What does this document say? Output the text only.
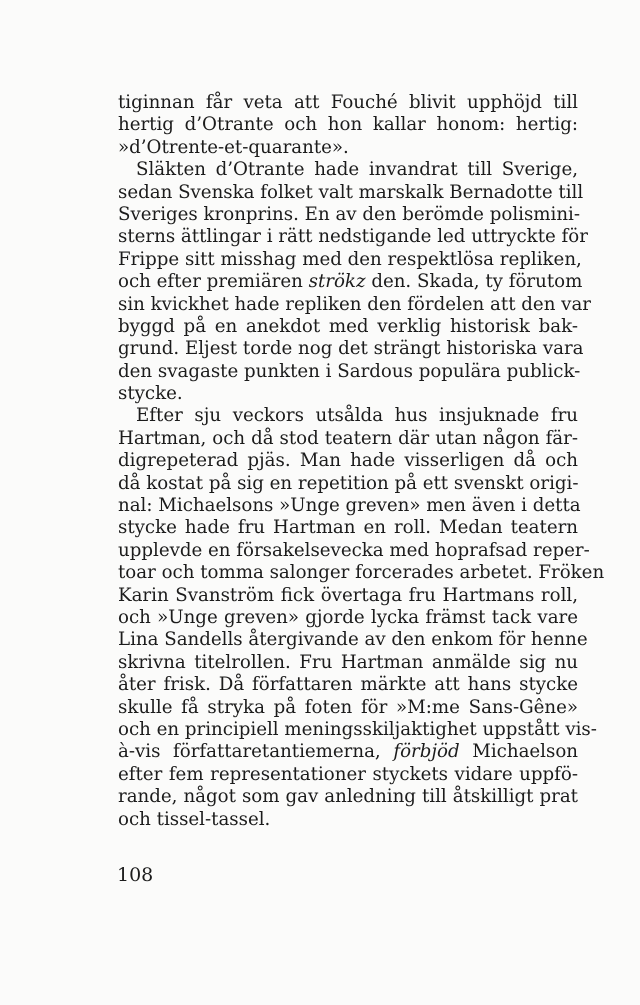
tiginnan får veta att Fouché blivit upphöjd till
hertig d’Otrante och hon kallar honom: hertig:
»d’Otrente-et-quarante».
Släkten d’Otrante hade invandrat till Sverige,
sedan Svenska folket valt marskalk Bernadotte till
Sveriges kronprins. En av den berömde polismini-
sterns ättlingar i rätt nedstigande led uttryckte för
Frippe sitt misshag med den respektlösa repliken,
och efter premiären strökz den. Skada, ty förutom
sin kvickhet hade repliken den fördelen att den var
byggd på en anekdot med verklig historisk bak-
grund. Eljest torde nog det strängt historiska vara
den svagaste punkten i Sardous populära publick-
stycke.
Efter sju veckors utsålda hus insjuknade fru
Hartman, och då stod teatern där utan någon fär-
digrepeterad pjäs. Man hade visserligen då och
då kostat på sig en repetition på ett svenskt origi-
nal: Michaelsons »Unge greven» men även i detta
stycke hade fru Hartman en roll. Medan teatern
upplevde en försakelsevecka med hoprafsad reper-
toar och tomma salonger forcerades arbetet. Fröken
Karin Svanström fick övertaga fru Hartmans roll,
och »Unge greven» gjorde lycka främst tack vare
Lina Sandells återgivande av den enkom för henne
skrivna titelrollen. Fru Hartman anmälde sig nu
åter frisk. Då författaren märkte att hans stycke
skulle få stryka på foten för »M:me Sans-Gêne»
och en principiell meningsskiljaktighet uppstått vis-
à-vis författaretantiemerna, förbjöd Michaelson
efter fem representationer styckets vidare uppfö-
rande, något som gav anledning till åtskilligt prat
och tissel-tassel.
108
